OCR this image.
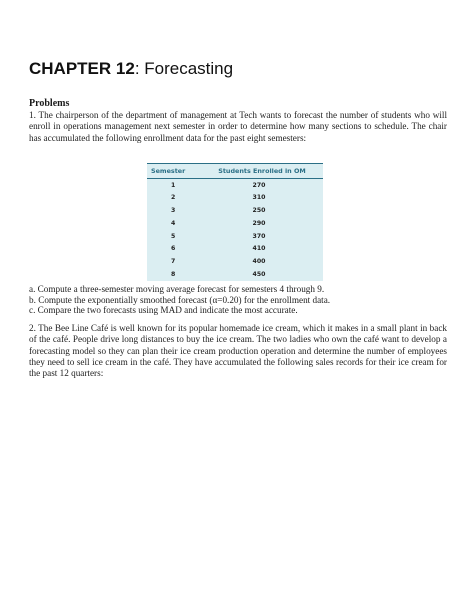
CHAPTER 12: Forecasting
Problems
1. The chairperson of the department of management at Tech wants to forecast the number of students who will enroll in operations management next semester in order to determine how many sections to schedule. The chair has accumulated the following enrollment data for the past eight semesters:
Semester	Students Enrolled in OM
1	270
2	310
3	250
4	290
5	370
6	410
7	400
8	450
a. Compute a three-semester moving average forecast for semesters 4 through 9.
b. Compute the exponentially smoothed forecast (α=0.20) for the enrollment data.
c. Compare the two forecasts using MAD and indicate the most accurate.
2. The Bee Line Café is well known for its popular homemade ice cream, which it makes in a small plant in back of the café. People drive long distances to buy the ice cream. The two ladies who own the café want to develop a forecasting model so they can plan their ice cream production operation and determine the number of employees they need to sell ice cream in the café. They have accumulated the following sales records for their ice cream for the past 12 quarters:
